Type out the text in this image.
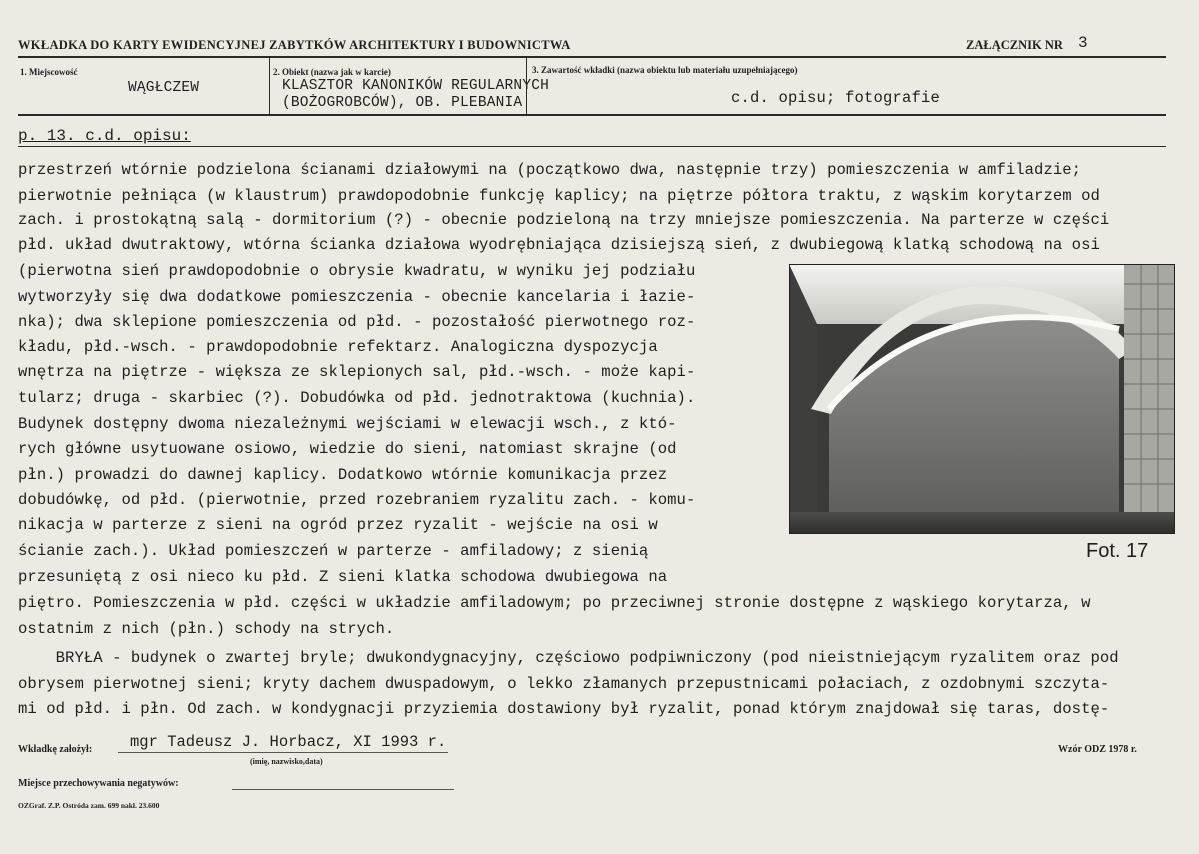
WKŁADKA DO KARTY EWIDENCYJNEJ ZABYTKÓW ARCHITEKTURY I BUDOWNICTWA	ZAŁĄCZNIK NR 3
1. Miejscowość
WĄGŁCZEW
2. Obiekt (nazwa jak w karcie)
KLASZTOR KANONIKÓW REGULARNYCH
(BOŻOGROBCÓW), OB. PLEBANIA
3. Zawartość wkładki (nazwa obiektu lub materiału uzupełniającego)
c.d. opisu; fotografie
p. 13. c.d. opisu:
przestrzeń wtórnie podzielona ścianami działowymi na (początkowo dwa, następnie trzy) pomieszczenia w amfiladzie;
pierwotnie pełniąca (w klaustrum) prawdopodobnie funkcję kaplicy; na piętrze półtora traktu, z wąskim korytarzem od
zach. i prostokątną salą - dormitorium (?) - obecnie podzieloną na trzy mniejsze pomieszczenia. Na parterze w części
płd. układ dwutraktowy, wtórna ścianka działowa wyodrębniająca dzisiejszą sień, z dwubiegową klatką schodową na osi
(pierwotna sień prawdopodobnie o obrysie kwadratu, w wyniku jej podziału
wytworzyły się dwa dodatkowe pomieszczenia - obecnie kancelaria i łazie-
nka); dwa sklepione pomieszczenia od płd. - pozostałość pierwotnego roz-
kładu, płd.-wsch. - prawdopodobnie refektarz. Analogiczna dyspozycja
wnętrza na piętrze - większa ze sklepionych sal, płd.-wsch. - może kapi-
tularz; druga - skarbiec (?). Dobudówka od płd. jednotraktowa (kuchnia).
Budynek dostępny dwoma niezależnymi wejściami w elewacji wsch., z któ-
rych główne usytuowane osiowo, wiedzie do sieni, natomiast skrajne (od
płn.) prowadzi do dawnej kaplicy. Dodatkowo wtórnie komunikacja przez
dobudówkę, od płd. (pierwotnie, przed rozebraniem ryzalitu zach. - komu-
nikacja w parterze z sieni na ogród przez ryzalit - wejście na osi w
ścianie zach.). Układ pomieszczeń w parterze - amfiladowy; z sienią
przesuniętą z osi nieco ku płd. Z sieni klatka schodowa dwubiegowa na
piętro. Pomieszczenia w płd. części w układzie amfiladowym; po przeciwnej stronie dostępne z wąskiego korytarza, w
ostatnim z nich (płn.) schody na strych.
BRYŁA - budynek o zwartej bryle; dwukondygnacyjny, częściowo podpiwniczony (pod nieistniejącym ryzalitem oraz pod
obrysem pierwotnej sieni; kryty dachem dwuspadowym, o lekko złamanych przepustnicami połaciach, z ozdobnymi szczyta-
mi od płd. i płn. Od zach. w kondygnacji przyziemia dostawiony był ryzalit, ponad którym znajdował się taras, dostę-
Fot. 17
Wkładkę założył: mgr Tadeusz J. Horbacz, XI 1993 r.
(imię, nazwisko,data)
Wzór ODZ 1978 r.
Miejsce przechowywania negatywów:
OZGraf. Z.P. Ostróda zam. 699 nakł. 23.600
